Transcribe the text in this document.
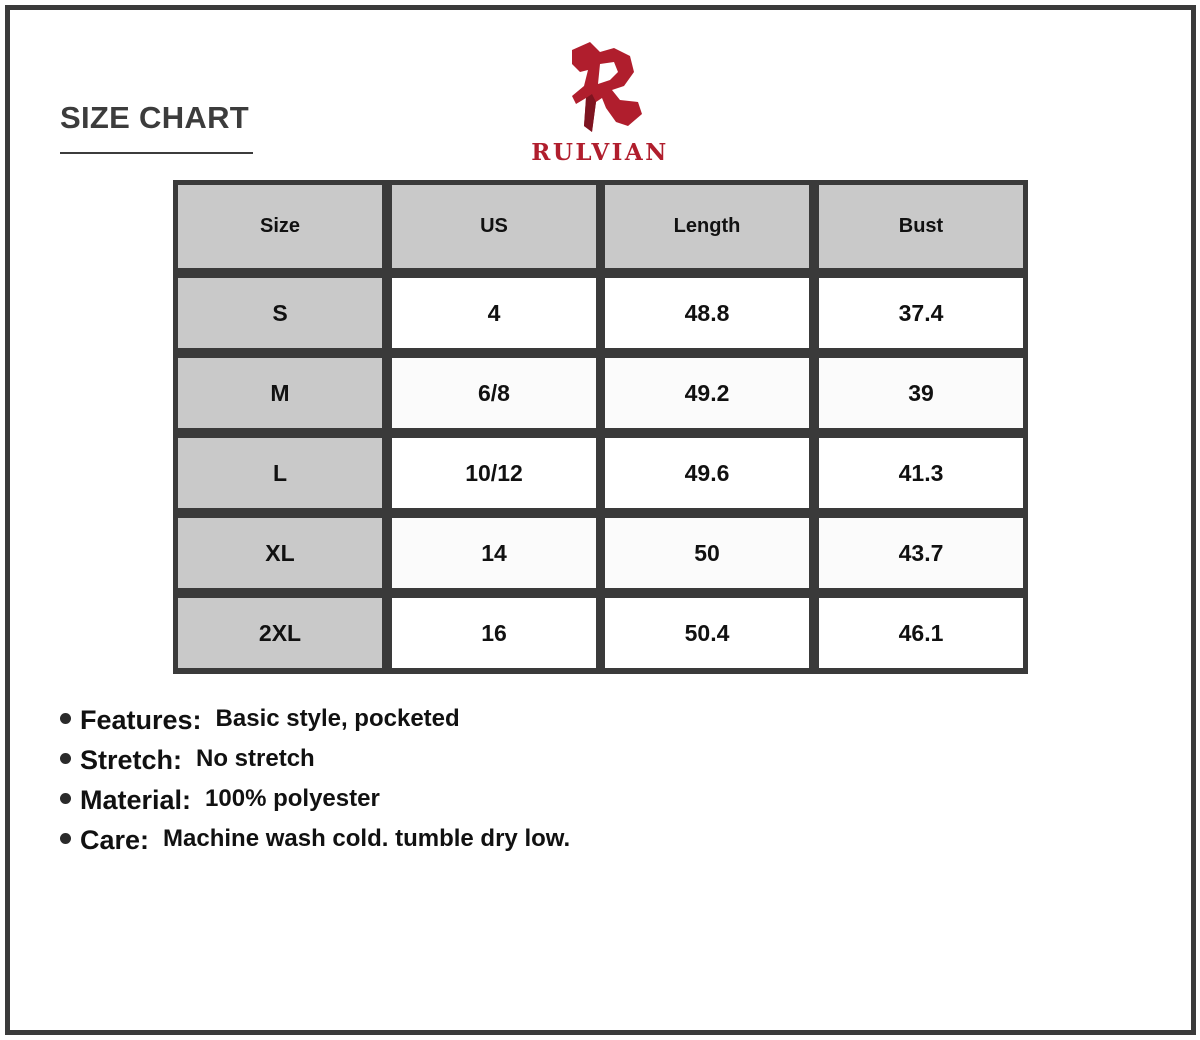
SIZE CHART
RULVIAN
Size	US	Length	Bust
S	4	48.8	37.4
M	6/8	49.2	39
L	10/12	49.6	41.3
XL	14	50	43.7
2XL	16	50.4	46.1
Features: Basic style, pocketed
Stretch: No stretch
Material: 100% polyester
Care: Machine wash cold. tumble dry low.
